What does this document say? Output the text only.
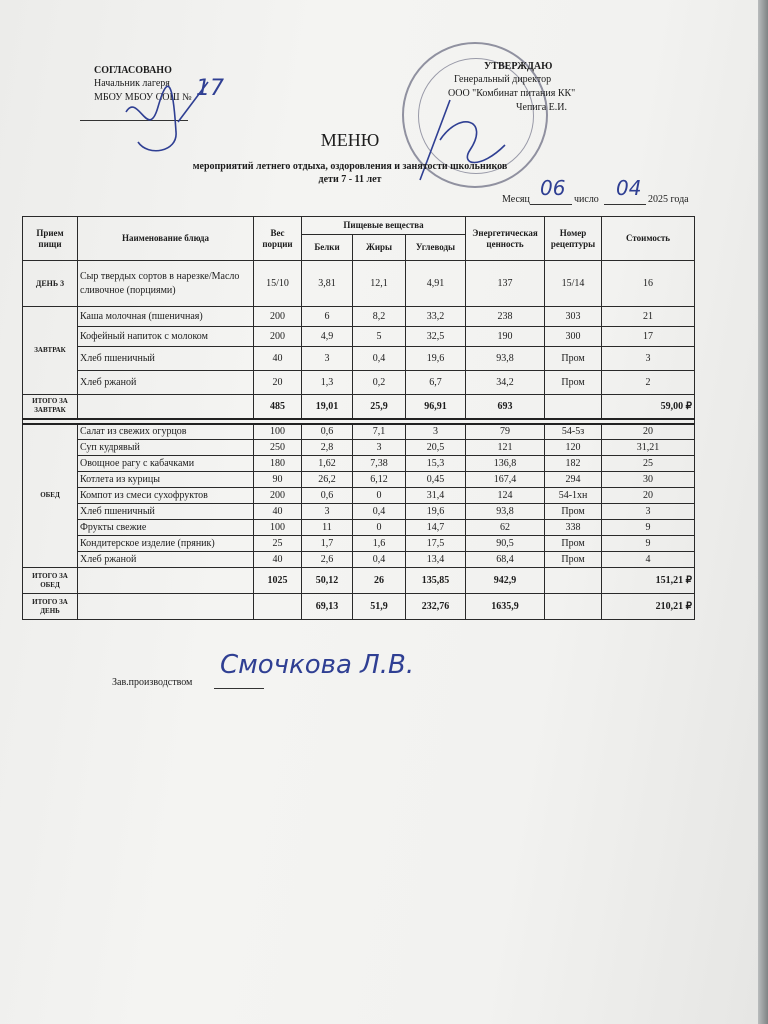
СОГЛАСОВАНО
Начальник лагеря
МБОУ МБОУ СОШ № 17
УТВЕРЖДАЮ
Генеральный директор
ООО "Комбинат питания КК"
Чепига Е.И.
МЕНЮ
мероприятий летнего отдыха, оздоровления и занятости школьников
дети 7 - 11 лет
Месяц 06 число 04 2025 года
Прием пищи	Наименование блюда	Вес порции	Пищевые вещества			Энергетическая ценность	Номер рецептуры	Стоимость
			Белки	Жиры	Углеводы			
ДЕНЬ 3	Сыр твердых сортов в нарезке/Масло сливочное (порциями)	15/10	3,81	12,1	4,91	137	15/14	16
ЗАВТРАК	Каша молочная (пшеничная)	200	6	8,2	33,2	238	303	21
	Кофейный напиток с молоком	200	4,9	5	32,5	190	300	17
	Хлеб пшеничный	40	3	0,4	19,6	93,8	Пром	3
	Хлеб ржаной	20	1,3	0,2	6,7	34,2	Пром	2
ИТОГО ЗА ЗАВТРАК		485	19,01	25,9	96,91	693		59,00 ₽

ОБЕД	Салат из свежих огурцов	100	0,6	7,1	3	79	54-5з	20
	Суп кудрявый	250	2,8	3	20,5	121	120	31,21
	Овощное рагу с кабачками	180	1,62	7,38	15,3	136,8	182	25
	Котлета из курицы	90	26,2	6,12	0,45	167,4	294	30
	Компот из смеси сухофруктов	200	0,6	0	31,4	124	54-1хн	20
	Хлеб пшеничный	40	3	0,4	19,6	93,8	Пром	3
	Фрукты свежие	100	11	0	14,7	62	338	9
	Кондитерское изделие (пряник)	25	1,7	1,6	17,5	90,5	Пром	9
	Хлеб ржаной	40	2,6	0,4	13,4	68,4	Пром	4
ИТОГО ЗА ОБЕД		1025	50,12	26	135,85	942,9		151,21 ₽
ИТОГО ЗА ДЕНЬ			69,13	51,9	232,76	1635,9		210,21 ₽
Зав.производством
Смочкова Л.В.
